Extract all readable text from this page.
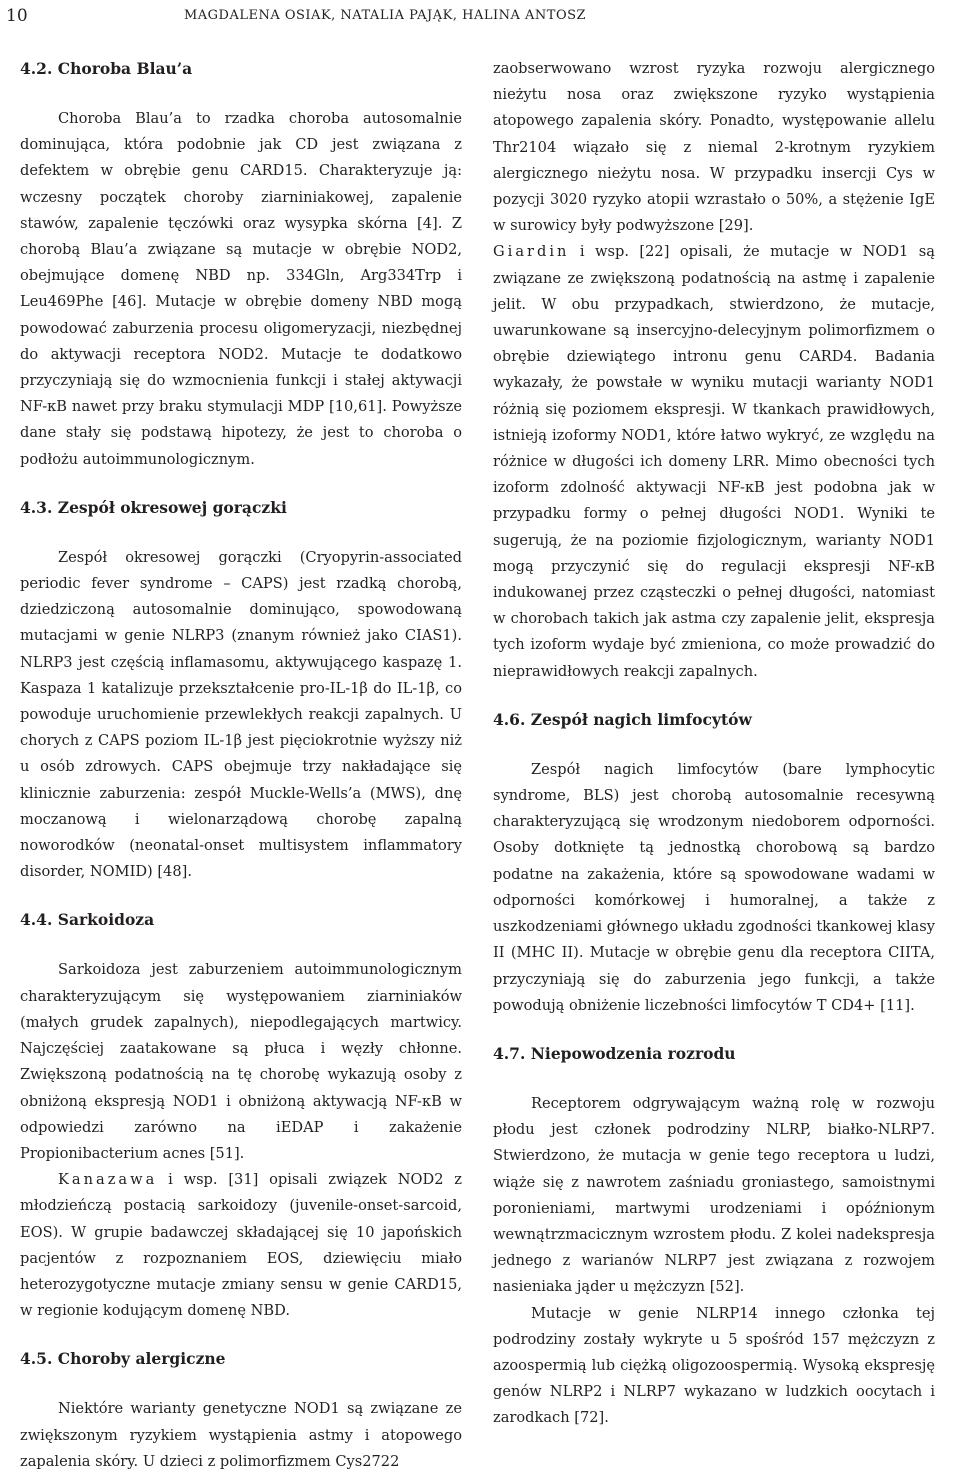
10	MAGDALENA OSIAK, NATALIA PAJĄK, HALINA ANTOSZ
4.2. Choroba Blau’a

Choroba Blau’a to rzadka choroba autosomalnie dominująca, która podobnie jak CD jest związana z defektem w obrębie genu CARD15. Charakteryzuje ją: wczesny początek choroby ziarniniakowej, zapalenie stawów, zapalenie tęczówki oraz wysypka skórna [4]. Z chorobą Blau’a związane są mutacje w obrębie NOD2, obejmujące domenę NBD np. 334Gln, Arg334Trp i Leu469Phe [46]. Mutacje w obrębie domeny NBD mogą powodować zaburzenia procesu oligomeryzacji, niezbędnej do aktywacji receptora NOD2. Mutacje te dodatkowo przyczyniają się do wzmocnienia funkcji i stałej aktywacji NF-κB nawet przy braku stymulacji MDP [10,61]. Powyższe dane stały się podstawą hipotezy, że jest to choroba o podłożu autoimmunologicznym.

4.3. Zespół okresowej gorączki

Zespół okresowej gorączki (Cryopyrin-associated periodic fever syndrome – CAPS) jest rzadką chorobą, dziedziczoną autosomalnie dominująco, spowodowaną mutacjami w genie NLRP3 (znanym również jako CIAS1). NLRP3 jest częścią inflamasomu, aktywującego kaspazę 1. Kaspaza 1 katalizuje przekształcenie pro-IL-1β do IL-1β, co powoduje uruchomienie przewlekłych reakcji zapalnych. U chorych z CAPS poziom IL-1β jest pięciokrotnie wyższy niż u osób zdrowych. CAPS obejmuje trzy nakładające się klinicznie zaburzenia: zespół Muckle-Wells’a (MWS), dnę moczanową i wielonarządową chorobę zapalną noworodków (neonatal-onset multisystem inflammatory disorder, NOMID) [48].

4.4. Sarkoidoza

Sarkoidoza jest zaburzeniem autoimmunologicznym charakteryzującym się występowaniem ziarniniaków (małych grudek zapalnych), niepodlegających martwicy. Najczęściej zaatakowane są płuca i węzły chłonne. Zwiększoną podatnością na tę chorobę wykazują osoby z obniżoną ekspresją NOD1 i obniżoną aktywacją NF-κB w odpowiedzi zarówno na iEDAP i zakażenie Propionibacterium acnes [51].

Kanazawa i wsp. [31] opisali związek NOD2 z młodzieńczą postacią sarkoidozy (juvenile-onset-sarcoid, EOS). W grupie badawczej składającej się 10 japońskich pacjentów z rozpoznaniem EOS, dziewięciu miało heterozygotyczne mutacje zmiany sensu w genie CARD15, w regionie kodującym domenę NBD.

4.5. Choroby alergiczne

Niektóre warianty genetyczne NOD1 są związane ze zwiększonym ryzykiem wystąpienia astmy i atopowego zapalenia skóry. U dzieci z polimorfizmem Cys2722

zaobserwowano wzrost ryzyka rozwoju alergicznego nieżytu nosa oraz zwiększone ryzyko wystąpienia atopowego zapalenia skóry. Ponadto, występowanie allelu Thr2104 wiązało się z niemal 2-krotnym ryzykiem alergicznego nieżytu nosa. W przypadku insercji Cys w pozycji 3020 ryzyko atopii wzrastało o 50%, a stężenie IgE w surowicy były podwyższone [29].

Giardin i wsp. [22] opisali, że mutacje w NOD1 są związane ze zwiększoną podatnością na astmę i zapalenie jelit. W obu przypadkach, stwierdzono, że mutacje, uwarunkowane są insercyjno-delecyjnym polimorfizmem o obrębie dziewiątego intronu genu CARD4. Badania wykazały, że powstałe w wyniku mutacji warianty NOD1 różnią się poziomem ekspresji. W tkankach prawidłowych, istnieją izoformy NOD1, które łatwo wykryć, ze względu na różnice w długości ich domeny LRR. Mimo obecności tych izoform zdolność aktywacji NF-κB jest podobna jak w przypadku formy o pełnej długości NOD1. Wyniki te sugerują, że na poziomie fizjologicznym, warianty NOD1 mogą przyczynić się do regulacji ekspresji NF-κB indukowanej przez cząsteczki o pełnej długości, natomiast w chorobach takich jak astma czy zapalenie jelit, ekspresja tych izoform wydaje być zmieniona, co może prowadzić do nieprawidłowych reakcji zapalnych.

4.6. Zespół nagich limfocytów

Zespół nagich limfocytów (bare lymphocytic syndrome, BLS) jest chorobą autosomalnie recesywną charakteryzującą się wrodzonym niedoborem odporności. Osoby dotknięte tą jednostką chorobową są bardzo podatne na zakażenia, które są spowodowane wadami w odporności komórkowej i humoralnej, a także z uszkodzeniami głównego układu zgodności tkankowej klasy II (MHC II). Mutacje w obrębie genu dla receptora CIITA, przyczyniają się do zaburzenia jego funkcji, a także powodują obniżenie liczebności limfocytów T CD4+ [11].

4.7. Niepowodzenia rozrodu

Receptorem odgrywającym ważną rolę w rozwoju płodu jest członek podrodziny NLRP, białko-NLRP7. Stwierdzono, że mutacja w genie tego receptora u ludzi, wiąże się z nawrotem zaśniadu groniastego, samoistnymi poronieniami, martwymi urodzeniami i opóźnionym wewnątrzmacicznym wzrostem płodu. Z kolei nadekspresja jednego z warianów NLRP7 jest związana z rozwojem nasieniaka jąder u mężczyzn [52].

Mutacje w genie NLRP14 innego członka tej podrodziny zostały wykryte u 5 spośród 157 mężczyzn z azoospermią lub ciężką oligozoospermią. Wysoką ekspresję genów NLRP2 i NLRP7 wykazano w ludzkich oocytach i zarodkach [72].
